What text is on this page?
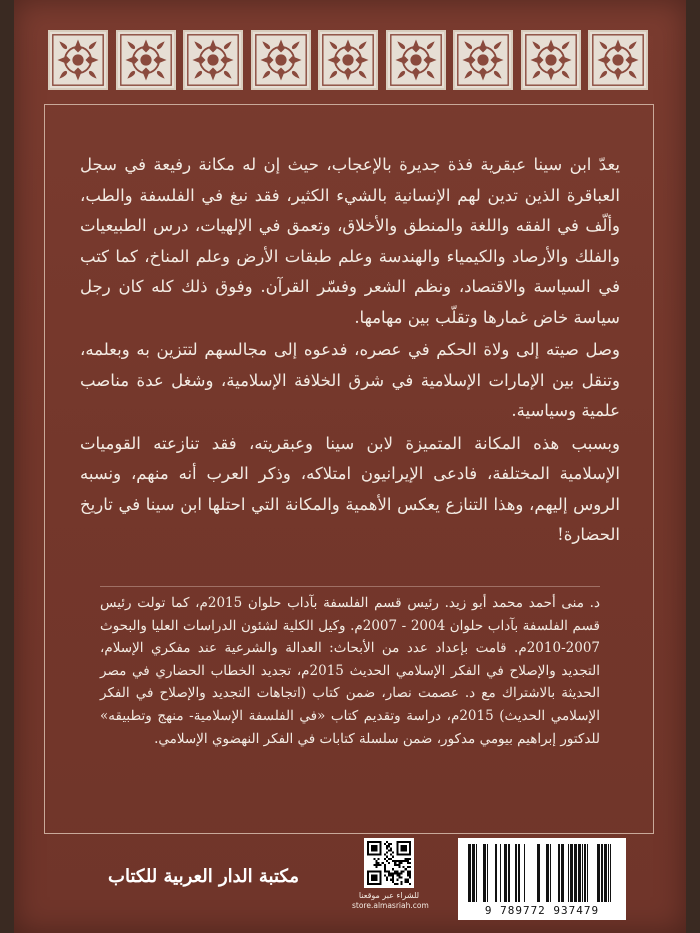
يعدّ ابن سينا عبقرية فذة جديرة بالإعجاب، حيث إن له مكانة رفيعة في سجل العباقرة الذين تدين لهم الإنسانية بالشيء الكثير، فقد نبغ في الفلسفة والطب، وألّف في الفقه واللغة والمنطق والأخلاق، وتعمق في الإلهيات، درس الطبيعيات والفلك والأرصاد والكيمياء والهندسة وعلم طبقات الأرض وعلم المناخ، كما كتب في السياسة والاقتصاد، ونظم الشعر وفسّر القرآن. وفوق ذلك كله كان رجل سياسة خاض غمارها وتقلّب بين مهامها.

وصل صيته إلى ولاة الحكم في عصره، فدعوه إلى مجالسهم لتتزين به وبعلمه، وتنقل بين الإمارات الإسلامية في شرق الخلافة الإسلامية، وشغل عدة مناصب علمية وسياسية.

وبسبب هذه المكانة المتميزة لابن سينا وعبقريته، فقد تنازعته القوميات الإسلامية المختلفة، فادعى الإيرانيون امتلاكه، وذكر العرب أنه منهم، ونسبه الروس إليهم، وهذا التنازع يعكس الأهمية والمكانة التي احتلها ابن سينا في تاريخ الحضارة!

د. منى أحمد محمد أبو زيد. رئيس قسم الفلسفة بآداب حلوان 2015م، كما تولت رئيس قسم الفلسفة بآداب حلوان 2004 - 2007م. وكيل الكلية لشئون الدراسات العليا والبحوث 2007-2010م. قامت بإعداد عدد من الأبحاث: العدالة والشرعية عند مفكري الإسلام، التجديد والإصلاح في الفكر الإسلامي الحديث 2015م، تجديد الخطاب الحضاري في مصر الحديثة بالاشتراك مع د. عصمت نصار، ضمن كتاب (اتجاهات التجديد والإصلاح في الفكر الإسلامي الحديث) 2015م، دراسة وتقديم كتاب «في الفلسفة الإسلامية- منهج وتطبيقه» للدكتور إبراهيم بيومي مدكور، ضمن سلسلة كتابات في الفكر النهضوي الإسلامي.

مكتبة الدار العربية للكتاب
للشراء عبر موقعنا
store.almasriah.com	9 789772 937479
